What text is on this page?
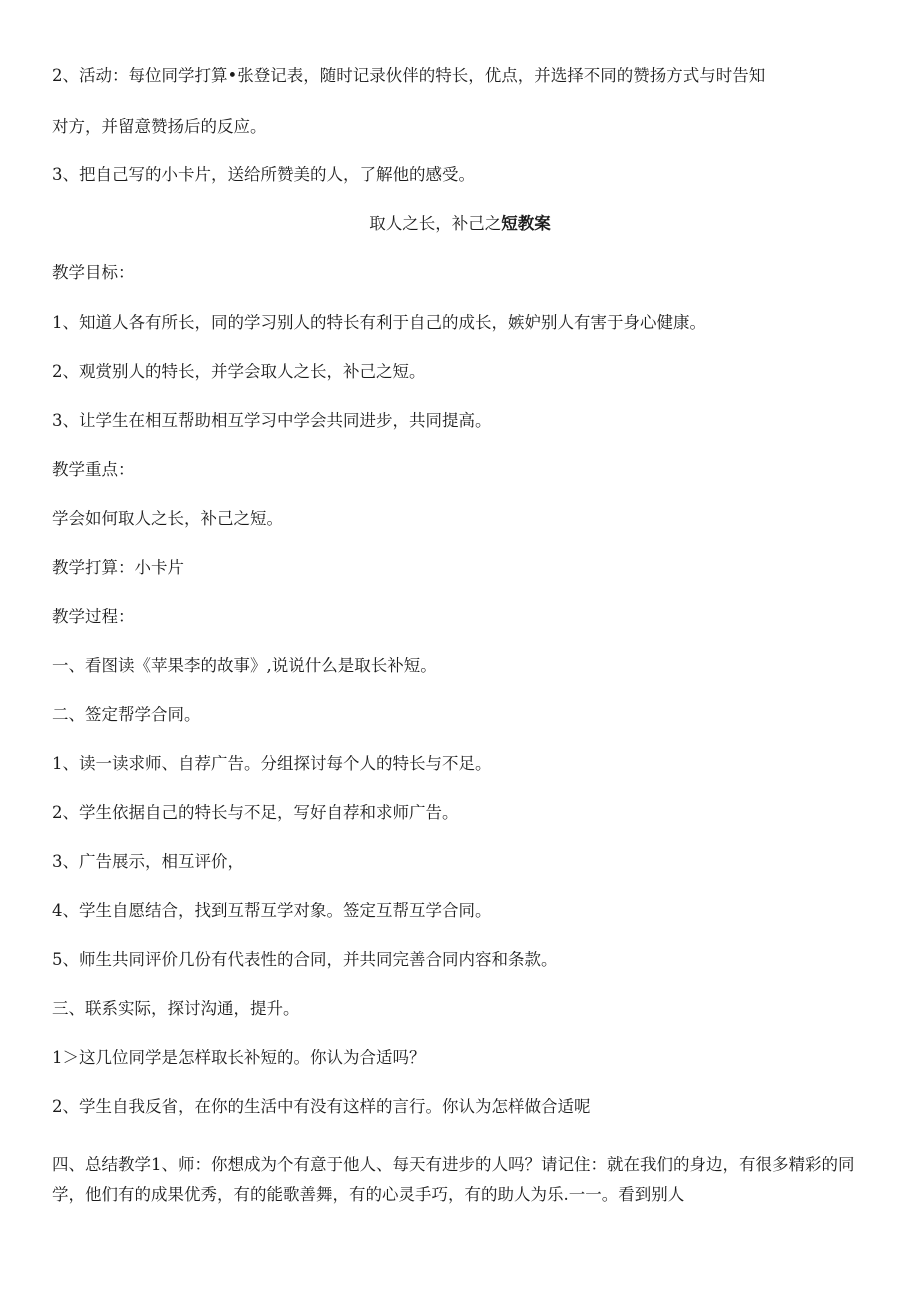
2、活动：每位同学打算•张登记表，随时记录伙伴的特长，优点，并选择不同的赞扬方式与时告知
对方，并留意赞扬后的反应。
3、把自己写的小卡片，送给所赞美的人，了解他的感受。
取人之长，补己之短教案
教学目标：
1、知道人各有所长，同的学习别人的特长有利于自己的成长，嫉妒别人有害于身心健康。
2、观赏别人的特长，并学会取人之长，补己之短。
3、让学生在相互帮助相互学习中学会共同进步，共同提高。
教学重点：
学会如何取人之长，补己之短。
教学打算：小卡片
教学过程：
一、看图读《苹果李的故事》,说说什么是取长补短。
二、签定帮学合同。
1、读一读求师、自荐广告。分组探讨每个人的特长与不足。
2、学生依据自己的特长与不足，写好自荐和求师广告。
3、广告展示，相互评价，
4、学生自愿结合，找到互帮互学对象。签定互帮互学合同。
5、师生共同评价几份有代表性的合同，并共同完善合同内容和条款。
三、联系实际，探讨沟通，提升。
1＞这几位同学是怎样取长补短的。你认为合适吗？
2、学生自我反省，在你的生活中有没有这样的言行。你认为怎样做合适呢
四、总结教学1、师：你想成为个有意于他人、每天有进步的人吗？请记住：就在我们的身边，有很多精彩的同学，他们有的成果优秀，有的能歌善舞，有的心灵手巧，有的助人为乐.一一。看到别人
